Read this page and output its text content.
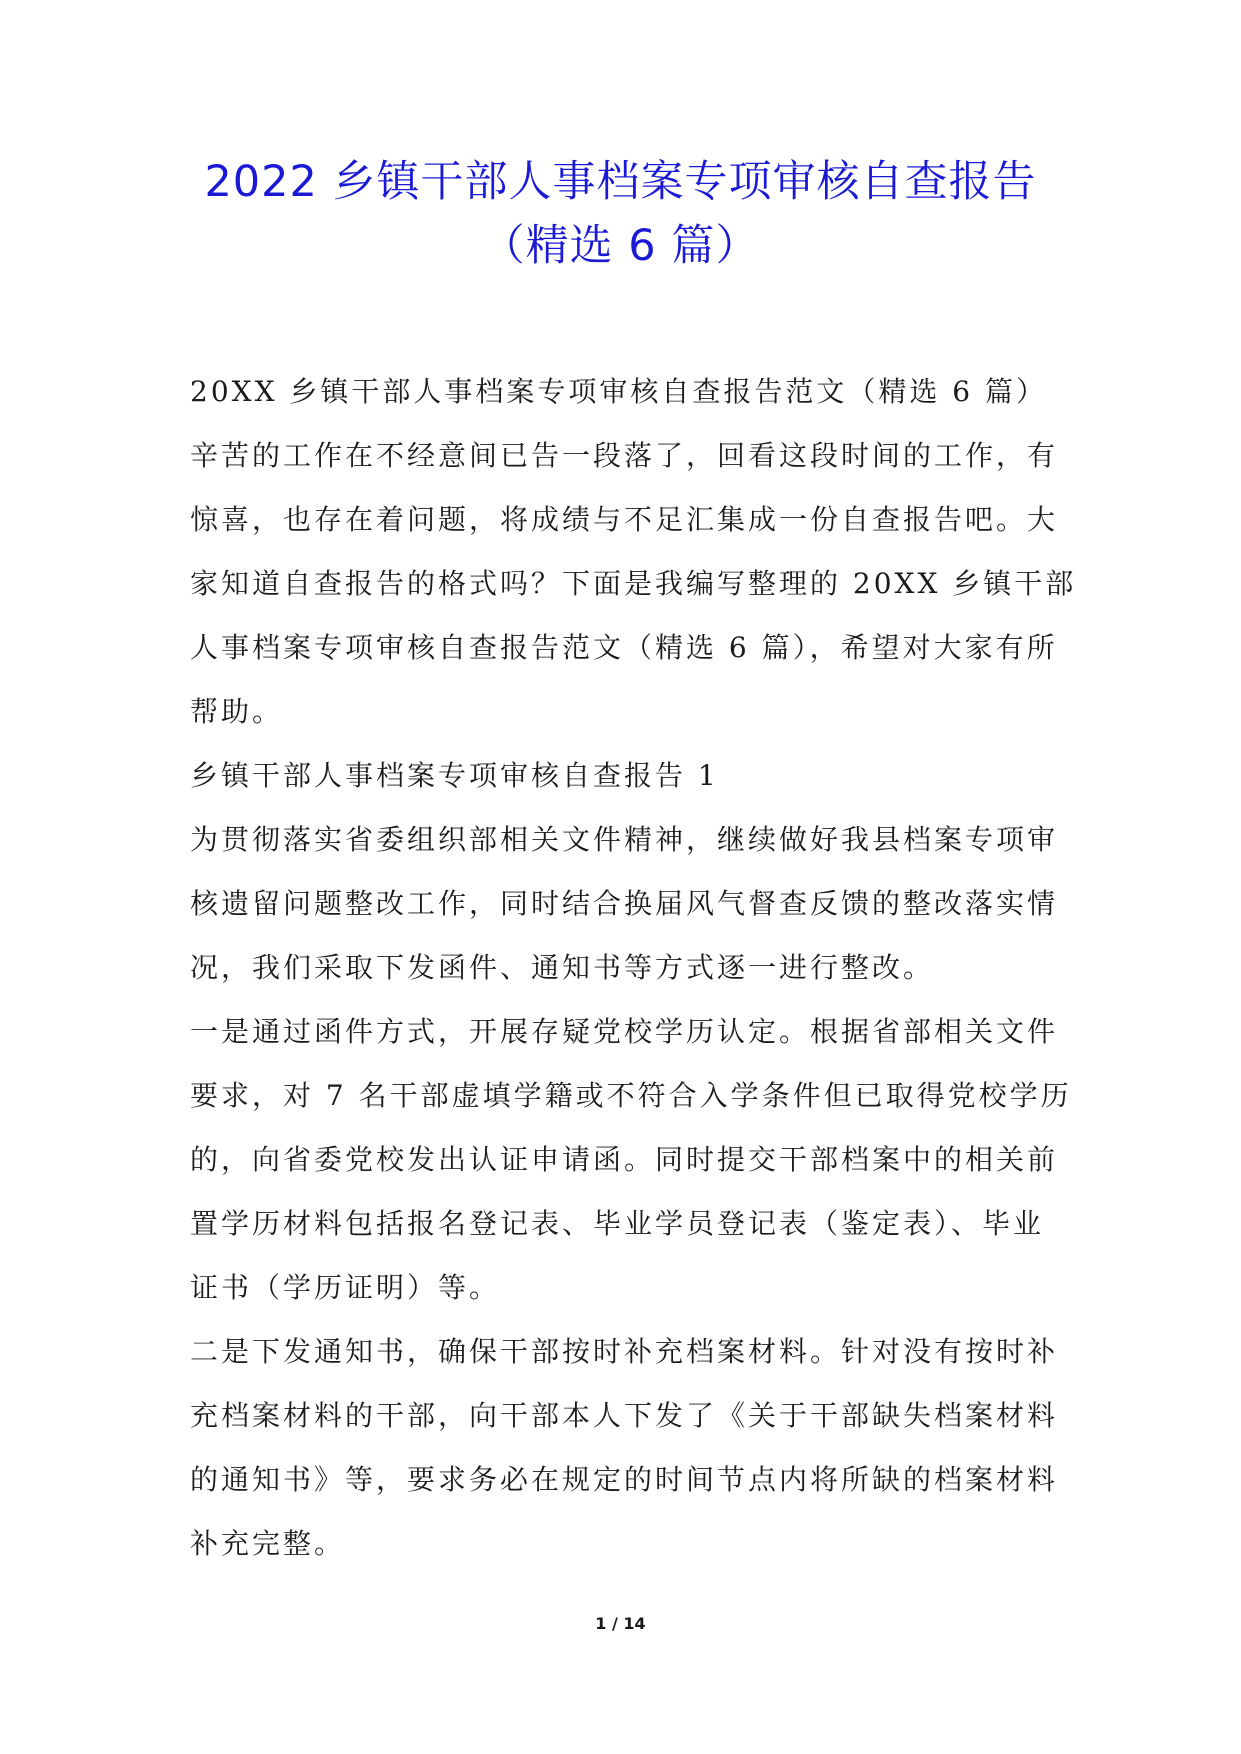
2022 乡镇干部人事档案专项审核自查报告
（精选 6 篇）

20XX 乡镇干部人事档案专项审核自查报告范文（精选 6 篇）

辛苦的工作在不经意间已告一段落了，回看这段时间的工作，有
惊喜，也存在着问题，将成绩与不足汇集成一份自查报告吧。大
家知道自查报告的格式吗？下面是我编写整理的 20XX 乡镇干部
人事档案专项审核自查报告范文（精选 6 篇），希望对大家有所
帮助。

乡镇干部人事档案专项审核自查报告 1

为贯彻落实省委组织部相关文件精神，继续做好我县档案专项审
核遗留问题整改工作，同时结合换届风气督查反馈的整改落实情
况，我们采取下发函件、通知书等方式逐一进行整改。

一是通过函件方式，开展存疑党校学历认定。根据省部相关文件
要求，对 7 名干部虚填学籍或不符合入学条件但已取得党校学历
的，向省委党校发出认证申请函。同时提交干部档案中的相关前
置学历材料包括报名登记表、毕业学员登记表（鉴定表）、毕业
证书（学历证明）等。

二是下发通知书，确保干部按时补充档案材料。针对没有按时补
充档案材料的干部，向干部本人下发了《关于干部缺失档案材料
的通知书》等，要求务必在规定的时间节点内将所缺的档案材料
补充完整。

1 / 14
